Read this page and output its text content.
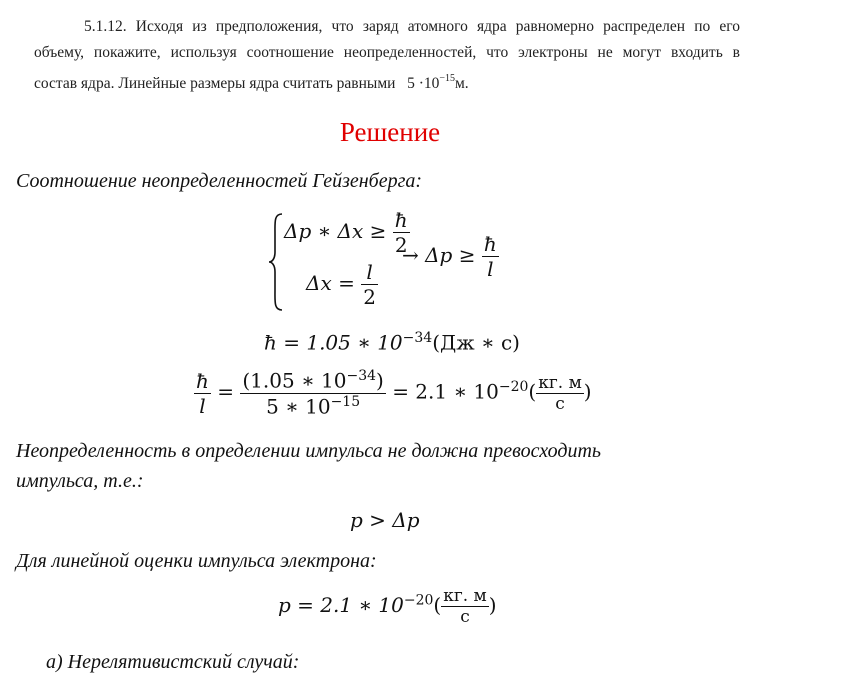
5.1.12. Исходя из предположения, что заряд атомного ядра равномерно распределен по его
объему, покажите, используя соотношение неопределенностей, что электроны не могут входить в
состав ядра. Линейные размеры ядра считать равными $5 \cdot 10^{-15}м$.
Решение
Соотношение неопределенностей Гейзенберга:
Δp ∗ $\Delta x \ge \frac{ħ}{2}$
$\Delta x = \frac{l}{2}$
→ $\Delta p \ge \frac{ħ}{l}$
ħ = 1.05 ∗ $10^{-34}(Дж$ ∗ с)
$\frac{ħ}{l} = \frac{(1.05 ∗ 10^{-34})}{5 ∗ 10^{-15}} = 2.1$ ∗ $10^{-20}( \frac{кг. м}{с}$ )
Неопределенность в определении импульса не должна превосходить
импульса, т.е.:
p > Δp
Для линейной оценки импульса электрона:
p = 2.1 ∗ $10^{-20}( \frac{кг. м}{с}$ )
а) Нерелятивистский случай:
